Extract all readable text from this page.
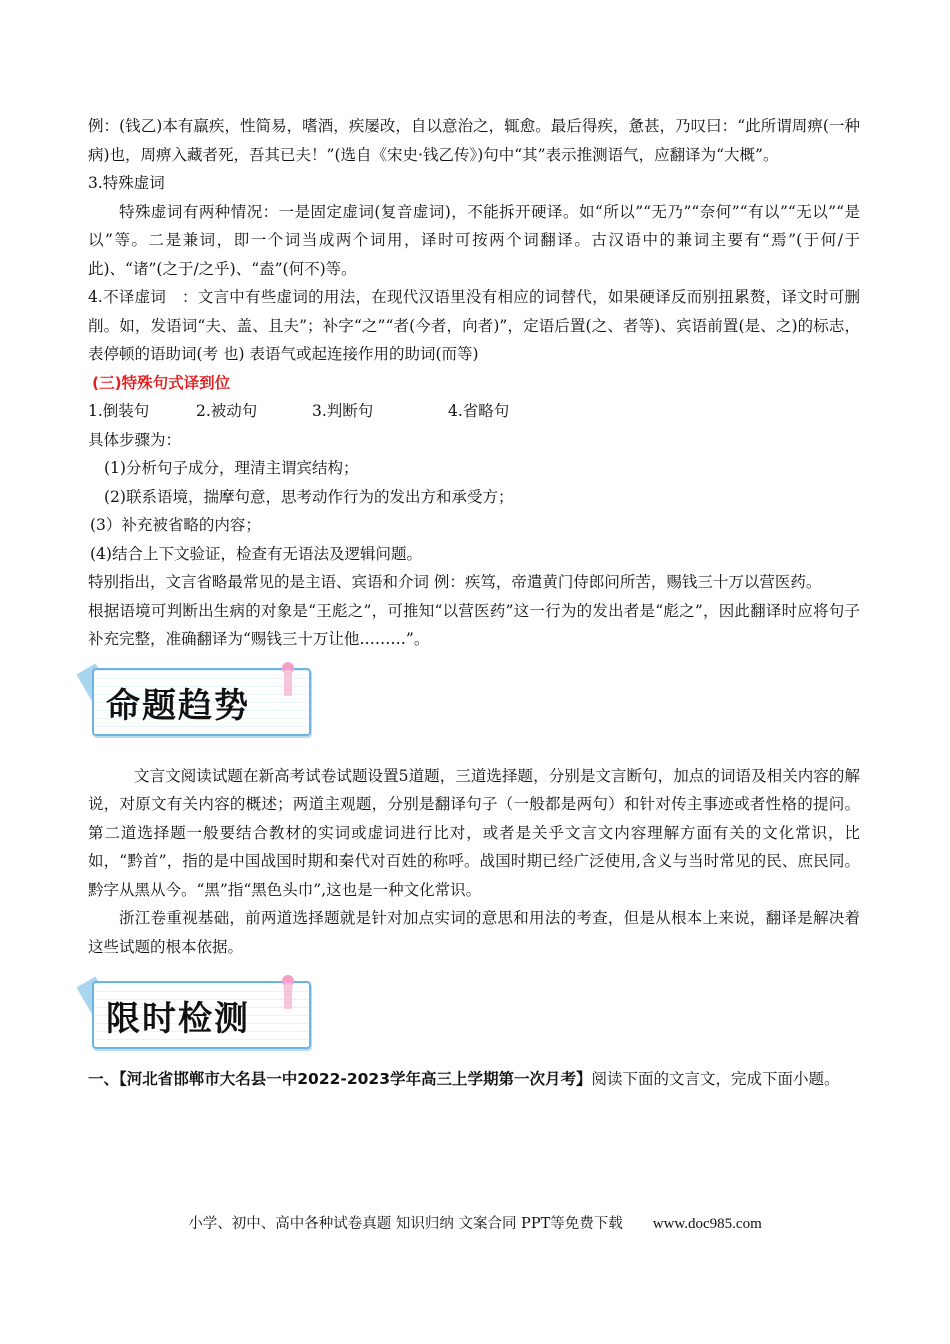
例：(钱乙)本有羸疾，性简易，嗜酒，疾屡改，自以意治之，辄愈。最后得疾，惫甚，乃叹曰：“此所谓周痹(一种病)也，周痹入藏者死，吾其已夫！”(选自《宋史·钱乙传》)句中“其”表示推测语气，应翻译为“大概”。

3.特殊虚词

特殊虚词有两种情况：一是固定虚词(复音虚词)，不能拆开硬译。如“所以”“无乃”“奈何”“有以”“无以”“是以”等。二是兼词，即一个词当成两个词用，译时可按两个词翻译。古汉语中的兼词主要有“焉”(于何/于此)、“诸”(之于/之乎)、“盍”(何不)等。

4.不译虚词　：文言中有些虚词的用法，在现代汉语里没有相应的词替代，如果硬译反而别扭累赘，译文时可删削。如，发语词“夫、盖、且夫”；补字“之”“者(今者，向者)”，定语后置(之、者等)、宾语前置(是、之)的标志，表停顿的语助词(考 也) 表语气或起连接作用的助词(而等)

(三)特殊句式译到位
1.倒装句	2.被动句	3.判断句	4.省略句

具体步骤为：

(1)分析句子成分，理清主谓宾结构；

(2)联系语境，揣摩句意，思考动作行为的发出方和承受方；

(3）补充被省略的内容；

(4)结合上下文验证，检查有无语法及逻辑问题。

特别指出，文言省略最常见的是主语、宾语和介词 例：疾笃，帝遣黄门侍郎问所苦，赐钱三十万以营医药。

根据语境可判断出生病的对象是“王彪之”，可推知“以营医药”这一行为的发出者是“彪之”，因此翻译时应将句子补充完整，准确翻译为“赐钱三十万让他………”。

命题趋势

文言文阅读试题在新高考试卷试题设置5道题，三道选择题，分别是文言断句，加点的词语及相关内容的解说，对原文有关内容的概述；两道主观题，分别是翻译句子（一般都是两句）和针对传主事迹或者性格的提问。第二道选择题一般要结合教材的实词或虚词进行比对，或者是关乎文言文内容理解方面有关的文化常识，比如，“黔首”，指的是中国战国时期和秦代对百姓的称呼。战国时期已经广泛使用,含义与当时常见的民、庶民同。黔字从黑从今。“黑”指“黑色头巾”,这也是一种文化常识。

浙江卷重视基础，前两道选择题就是针对加点实词的意思和用法的考查，但是从根本上来说，翻译是解决着这些试题的根本依据。

限时检测

一、【河北省邯郸市大名县一中2022-2023学年高三上学期第一次月考】阅读下面的文言文，完成下面小题。

小学、初中、高中各种试卷真题 知识归纳 文案合同 PPT等免费下载 www.doc985.com
